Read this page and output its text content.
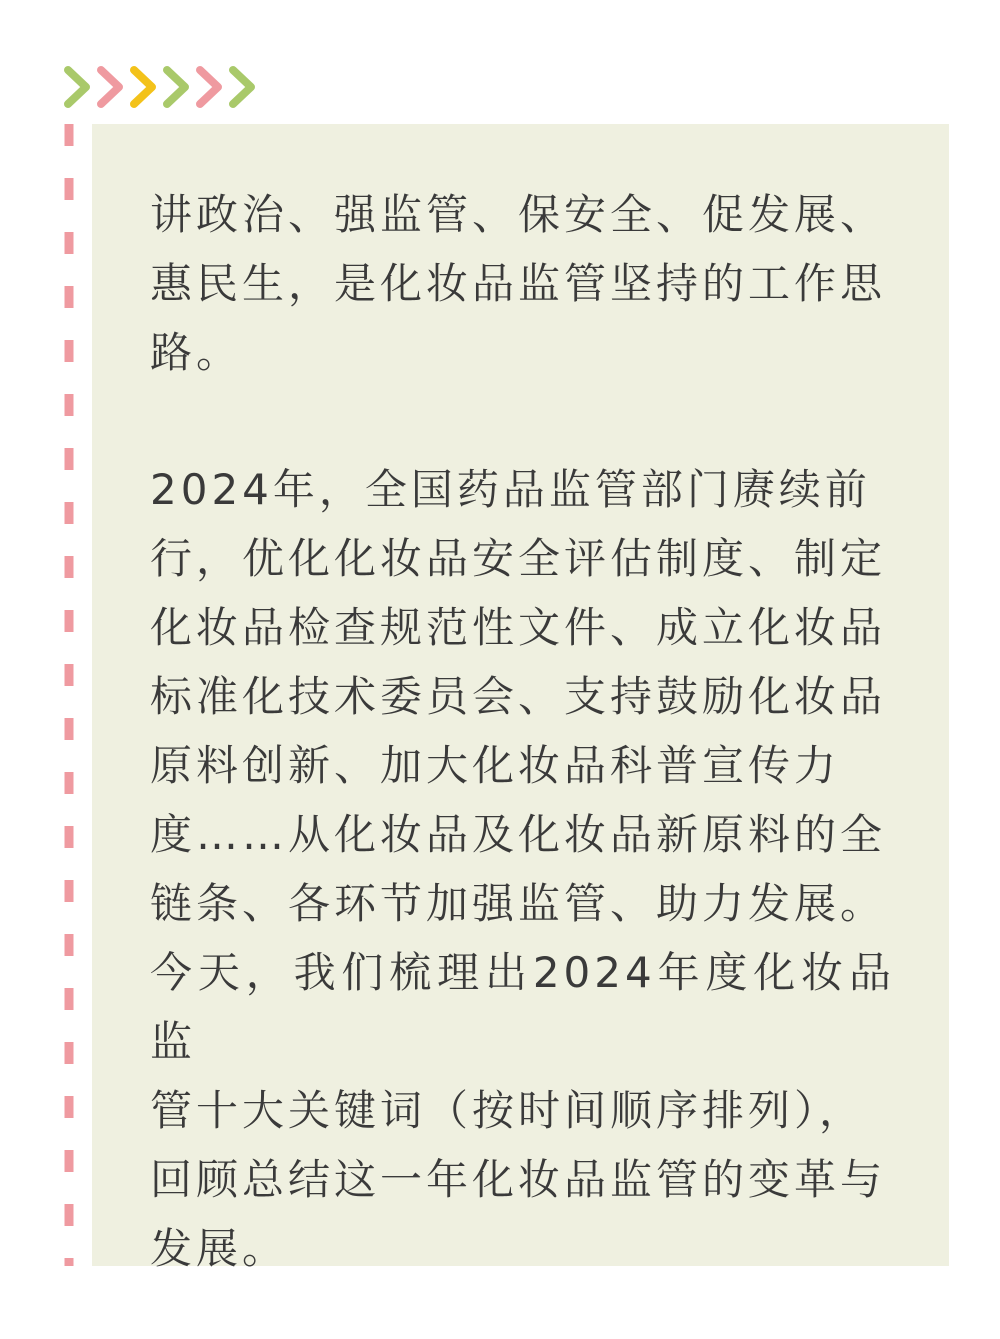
讲政治、强监管、保安全、促发展、
惠民生，是化妆品监管坚持的工作思
路。

2024年，全国药品监管部门赓续前
行，优化化妆品安全评估制度、制定
化妆品检查规范性文件、成立化妆品
标准化技术委员会、支持鼓励化妆品
原料创新、加大化妆品科普宣传力
度……从化妆品及化妆品新原料的全
链条、各环节加强监管、助力发展。
今天，我们梳理出2024年度化妆品监
管十大关键词（按时间顺序排列），
回顾总结这一年化妆品监管的变革与
发展。
